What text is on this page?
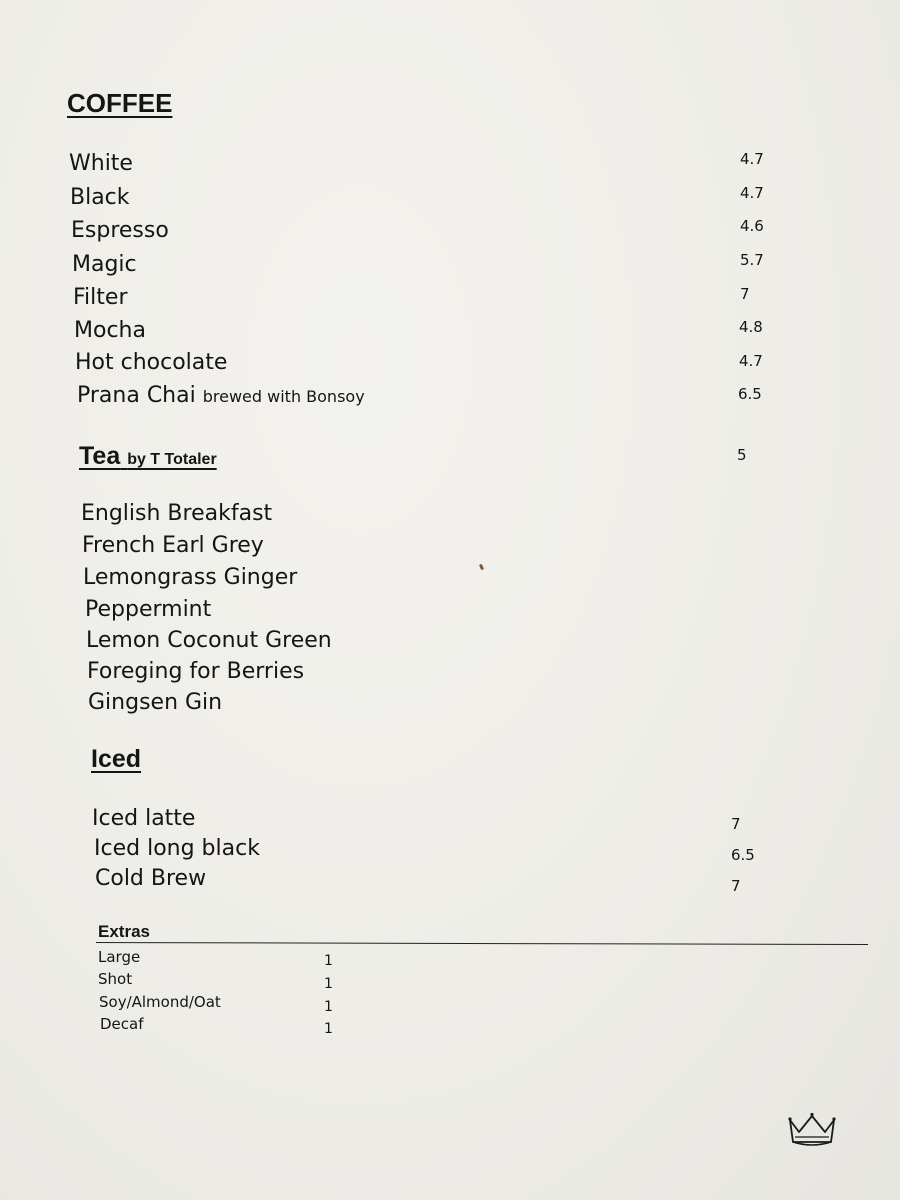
COFFEE
White	4.7
Black	4.7
Espresso	4.6
Magic	5.7
Filter	7
Mocha	4.8
Hot chocolate	4.7
Prana Chai brewed with Bonsoy	6.5
Tea by T Totaler	5
English Breakfast
French Earl Grey
Lemongrass Ginger
Peppermint
Lemon Coconut Green
Foreging for Berries
Gingsen Gin
Iced
Iced latte	7
Iced long black	6.5
Cold Brew	7
Extras
Large	1
Shot	1
Soy/Almond/Oat	1
Decaf	1
